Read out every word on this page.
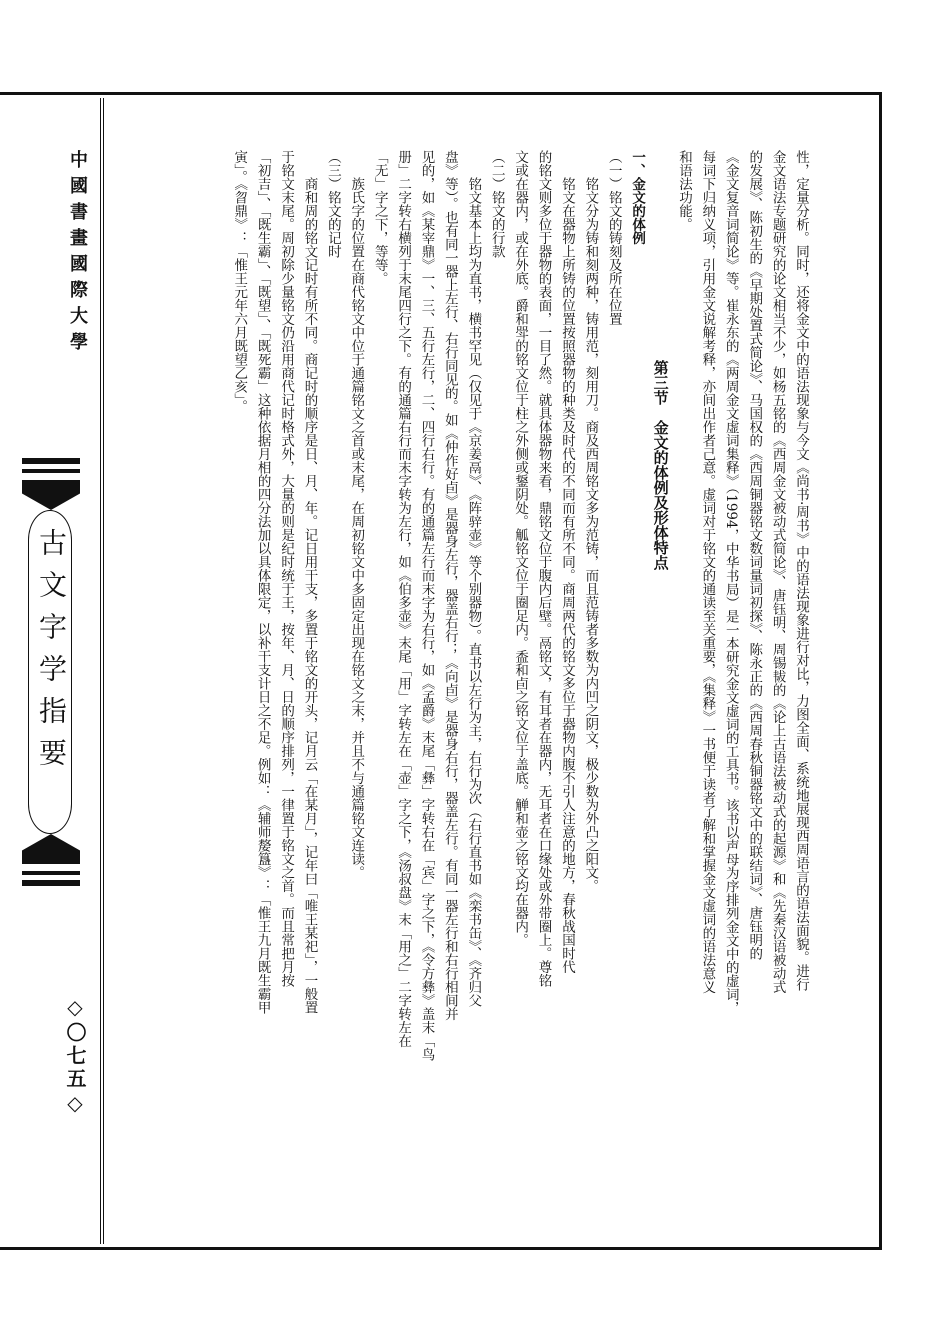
中國書畫國際大學
古文字学指要
◇〇七五◇

性，定量分析。同时，还将金文中的语法现象与今文《尚书·周书》中的语法现象进行对比，力图全面、系统地展现西周语言的语法面貌。进行

金文语法专题研究的论文相当不少，如杨五铭的《西周金文被动式简论》、唐钰明、周锡韨的《论上古语法被动式的起源》和《先秦汉语被动式

的发展》、陈初生的《早期处置式简论》、马国权的《西周铜器铭文数词量词初探》、陈永正的《西周春秋铜器铭文中的联结词》、唐钰明的

《金文复音词简论》等。崔永东的《两周金文虚词集释》（1994，中华书局）是一本研究金文虚词的工具书。该书以声母为序排列金文中的虚词，

每词下归纳义项，引用金文说解考释，亦间出作者己意。虚词对于铭文的通读至关重要，《集释》一书便于读者了解和掌握金文虚词的语法意义

和语法功能。

第三节　金文的体例及形体特点

一、金文的体例

（一）铭文的铸刻及所在位置

铭文分为铸和刻两种，铸用范，刻用刀。商及西周铭文多为范铸，而且范铸者多数为内凹之阴文，极少数为外凸之阳文。

铭文在器物上所铸的位置按照器物的种类及时代的不同而有所不同。商周两代的铭文多位于器物内腹不引人注意的地方，春秋战国时代

的铭文则多位于器物的表面，一目了然。就具体器物来看，鼎铭文位于腹内后壁。鬲铭文，有耳者在器内，无耳者在口缘处或外带圈上。尊铭

文或在器内，或在外底。爵和斝的铭文位于柱之外侧或鋬阴处。觚铭文位于圈足内。盉和卣之铭文位于盖底。觯和壶之铭文均在器内。

（二）铭文的行款

铭文基本上均为直书，横书罕见（仅见于《京姜鬲》、《阵骍壶》等个别器物）。直书以左行为主，右行为次（右行直书如《栾书缶》、《齐归父

盘》等）。也有同一器上左行、右行同见的。如《仲作好卣》是器身左行，器盖右行；《向卣》是器身右行，器盖左行。有同一器左行和右行相间并

见的，如《某宰鼎》一、三、五行左行，二、四行右行。有的通篇左行而末字为右行，如《孟爵》末尾「彝」字转右在「宾」字之下，《令方彝》盖末「鸟

册」二字转右横列于末尾四行之下。有的通篇右行而末字转为左行，如《伯多壶》末尾「用」字转左在「壶」字之下，《汤叔盘》末「用之」二字转左在

「无」字之下，等等。

族氏字的位置在商代铭文中位于通篇铭文之首或末尾，在周初铭文中多固定出现在铭文之末，并且不与通篇铭文连读。

（三）铭文的记时

商和周的铭文记时有所不同。商记时的顺序是日、月、年。记日用干支，多置于铭文的开头，记月云「在某月」，记年曰「唯王某祀」，一般置

于铭文末尾。周初除少量铭文仍沿用商代记时格式外，大量的则是纪时统于王，按年、月、日的顺序排列，一律置于铭文之首。而且常把月按

「初吉」、「既生霸」、「既望」、「既死霸」这种依据月相的四分法加以具体限定，以补干支计日之不足。例如：《辅师嫠簋》：「惟王九月既生霸甲

寅」。《曶鼎》：「惟王元年六月既望乙亥」。
